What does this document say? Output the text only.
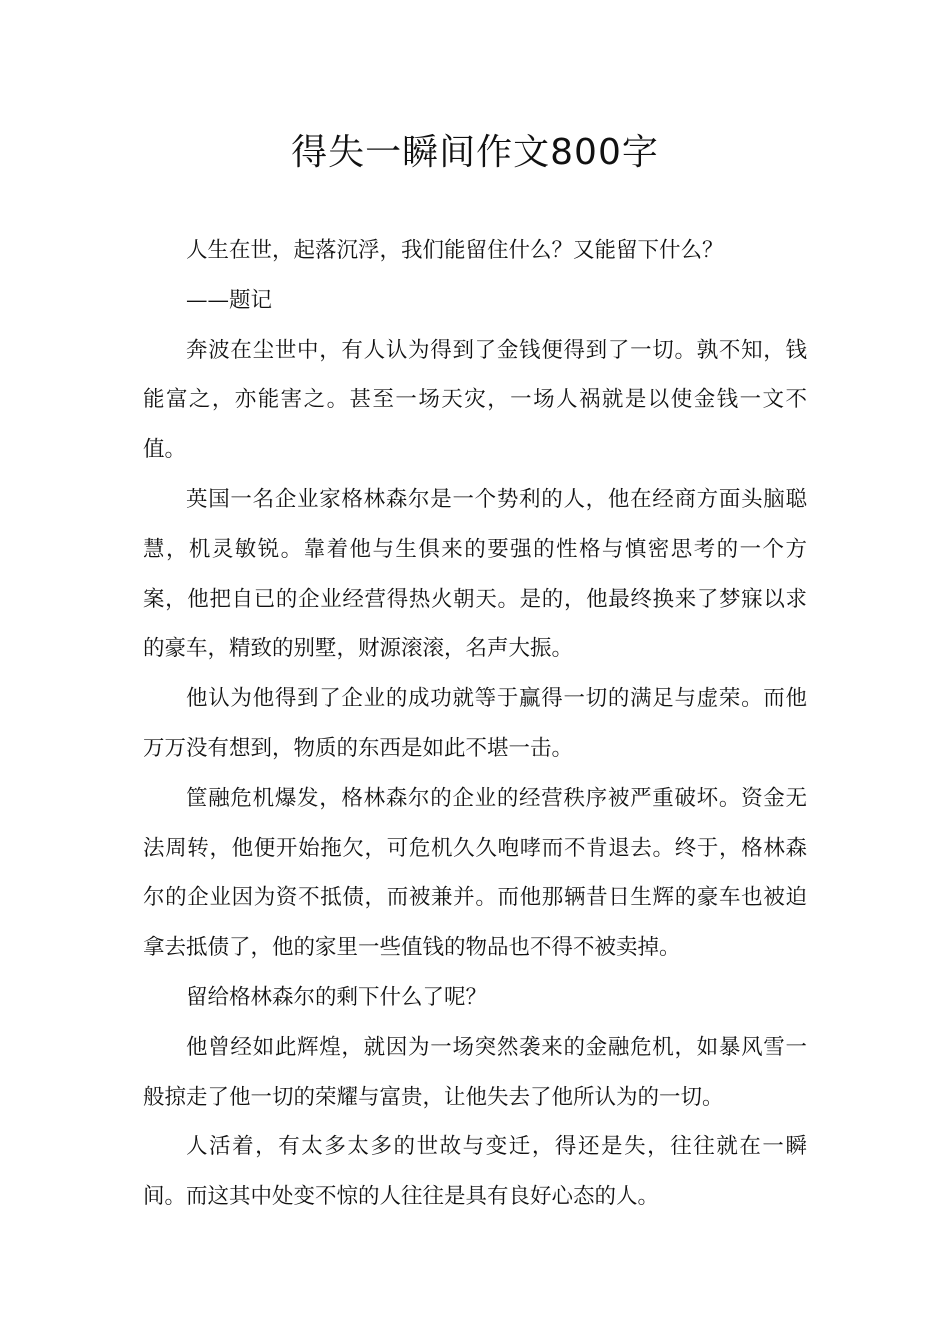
得失一瞬间作文800字

人生在世，起落沉浮，我们能留住什么？又能留下什么？

——题记

奔波在尘世中，有人认为得到了金钱便得到了一切。孰不知，钱能富之，亦能害之。甚至一场天灾，一场人祸就是以使金钱一文不值。

英国一名企业家格林森尔是一个势利的人，他在经商方面头脑聪慧，机灵敏锐。靠着他与生俱来的要强的性格与慎密思考的一个方案，他把自已的企业经营得热火朝天。是的，他最终换来了梦寐以求的豪车，精致的别墅，财源滚滚，名声大振。

他认为他得到了企业的成功就等于赢得一切的满足与虚荣。而他万万没有想到，物质的东西是如此不堪一击。

筐融危机爆发，格林森尔的企业的经营秩序被严重破坏。资金无法周转，他便开始拖欠，可危机久久咆哮而不肯退去。终于，格林森尔的企业因为资不抵债，而被兼并。而他那辆昔日生辉的豪车也被迫拿去抵债了，他的家里一些值钱的物品也不得不被卖掉。

留给格林森尔的剩下什么了呢？

他曾经如此辉煌，就因为一场突然袭来的金融危机，如暴风雪一般掠走了他一切的荣耀与富贵，让他失去了他所认为的一切。

人活着，有太多太多的世故与变迁，得还是失，往往就在一瞬间。而这其中处变不惊的人往往是具有良好心态的人。
